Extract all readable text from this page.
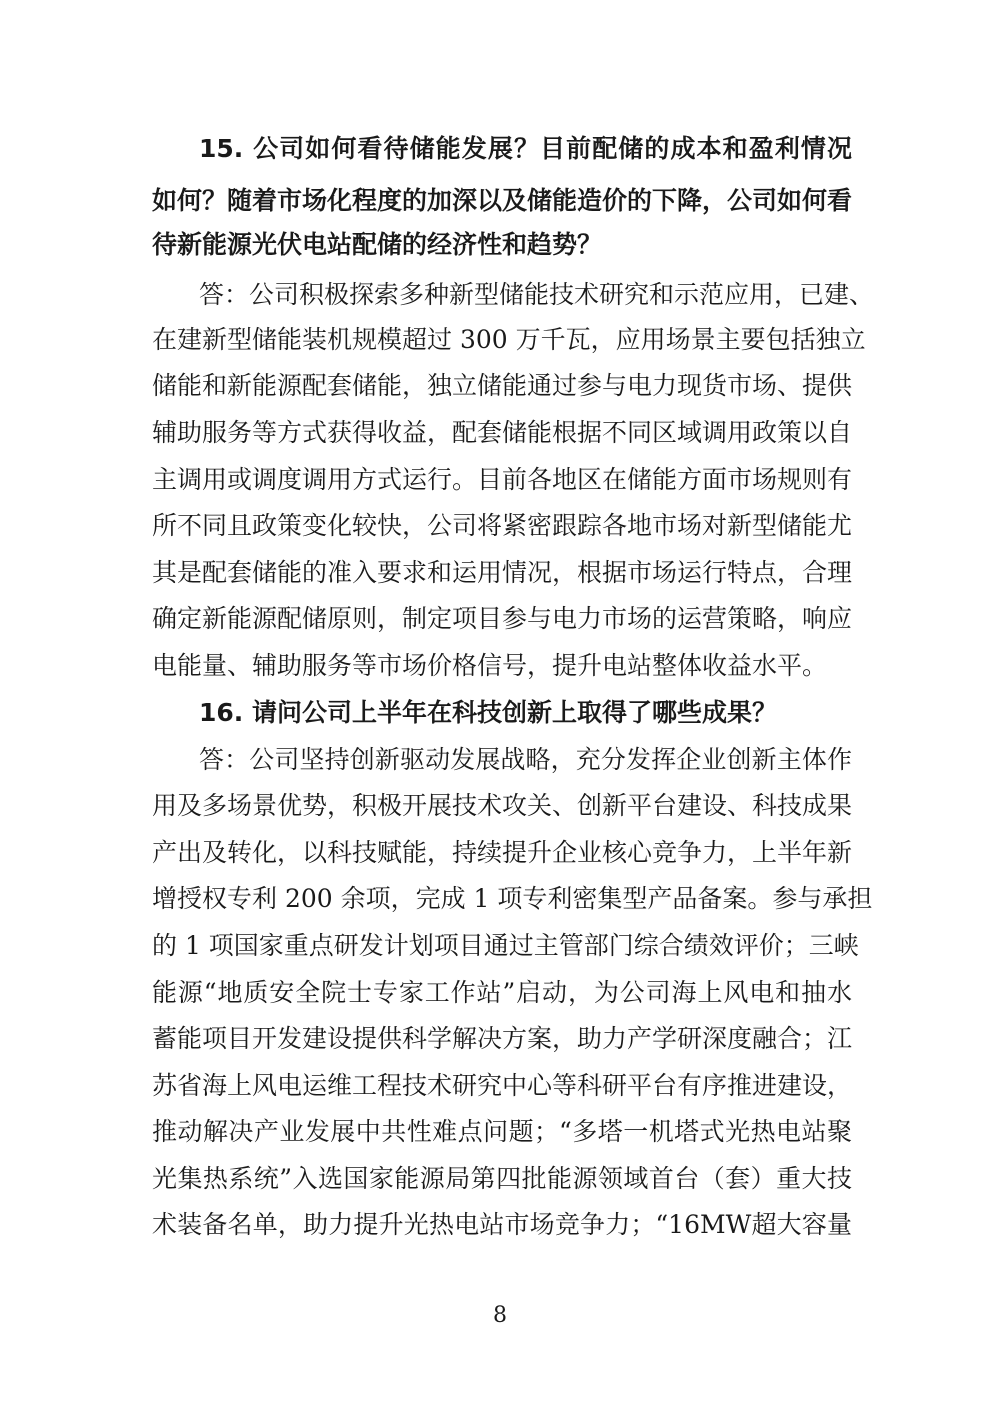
15. 公司如何看待储能发展？目前配储的成本和盈利情况
如何？随着市场化程度的加深以及储能造价的下降，公司如何看
待新能源光伏电站配储的经济性和趋势？
答：公司积极探索多种新型储能技术研究和示范应用，已建、
在建新型储能装机规模超过 300 万千瓦，应用场景主要包括独立
储能和新能源配套储能，独立储能通过参与电力现货市场、提供
辅助服务等方式获得收益，配套储能根据不同区域调用政策以自
主调用或调度调用方式运行。目前各地区在储能方面市场规则有
所不同且政策变化较快，公司将紧密跟踪各地市场对新型储能尤
其是配套储能的准入要求和运用情况，根据市场运行特点，合理
确定新能源配储原则，制定项目参与电力市场的运营策略，响应
电能量、辅助服务等市场价格信号，提升电站整体收益水平。
16. 请问公司上半年在科技创新上取得了哪些成果？
答：公司坚持创新驱动发展战略，充分发挥企业创新主体作
用及多场景优势，积极开展技术攻关、创新平台建设、科技成果
产出及转化，以科技赋能，持续提升企业核心竞争力，上半年新
增授权专利 200 余项，完成 1 项专利密集型产品备案。参与承担
的 1 项国家重点研发计划项目通过主管部门综合绩效评价；三峡
能源“地质安全院士专家工作站”启动，为公司海上风电和抽水
蓄能项目开发建设提供科学解决方案，助力产学研深度融合；江
苏省海上风电运维工程技术研究中心等科研平台有序推进建设，
推动解决产业发展中共性难点问题；“多塔一机塔式光热电站聚
光集热系统”入选国家能源局第四批能源领域首台（套）重大技
术装备名单，助力提升光热电站市场竞争力；“16MW超大容量
8
